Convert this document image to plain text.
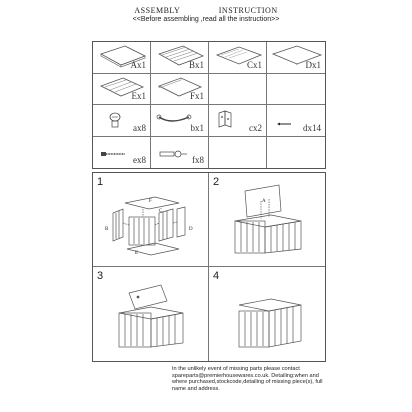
ASSEMBLY	INSTRUCTION
<<Before assembling ,read all the instruction>>
Ax1	Bx1	Cx1	Dx1
Ex1	Fx1
ax8	bx1	cx2	dx14
ex8	fx8
1
F
C
B	D
E
2
A
3	4

In the unlikely event of missing parts please contact

spareparts@premierhousewares.co.uk. Detailing:when and

where purchased,stockcode,detailing of missing piece(s), full

name and address.
